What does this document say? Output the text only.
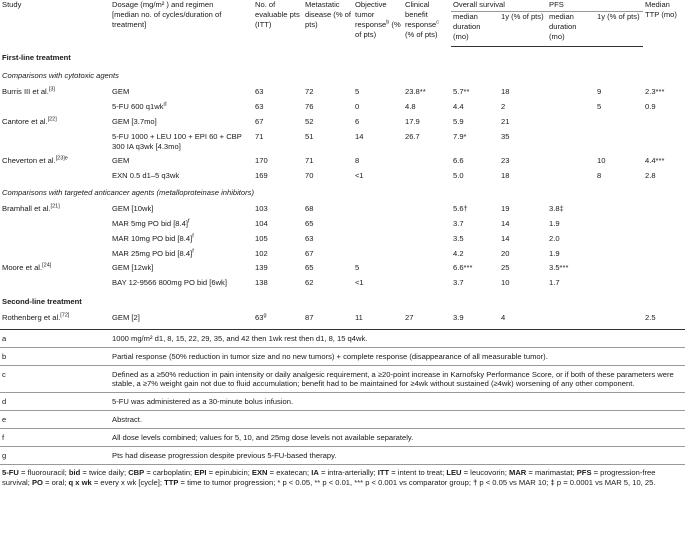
Study	Dosage (mg/m² ) and regimen
[median no. of cycles/duration of treatment]	No. of evaluable pts (ITT)	Metastatic disease (% of pts)	Objective tumor response$^b$ (% of pts)	Clinical benefit response$^c$ (% of pts)	Overall survival		PFS		Median TTP (mo)
						median duration (mo)	1y (% of pts)	median duration (mo)	1y (% of pts)	
First-line treatment										
Comparisons with cytotoxic agents										
Burris III et al.[3]	GEM	63	72	5	23.8**	5.7**	18		9	2.3***
	5-FU 600 $q1wk^d$	63	76	0	4.8	4.4	2		5	0.9
Cantore et al.[22]	GEM [3.7mo]	67	52	6	17.9	5.9	21			
	5-FU 1000 + LEU 100 + EPI 60 + CBP 300 IA q3wk [4.3mo]	71	51	14	26.7	7.9*	35			
Cheverton et al.$^{[23]e}$	GEM	170	71	8		6.6	23		10	4.4***
	EXN 0.5 d1–5 q3wk	169	70	<1		5.0	18		8	2.8
Comparisons with targeted anticancer agents (metalloproteinase inhibitors)										
Bramhall et al.[21]	GEM [10wk]	103	68			5.6†	19	3.8‡		
	MAR 5mg PO bid $[8.4]^f$	104	65			3.7	14	1.9		
	MAR 10mg PO bid $[8.4]^f$	105	63			3.5	14	2.0		
	MAR 25mg PO bid $[8.4]^f$	102	67			4.2	20	1.9		
Moore et al.[24]	GEM [12wk]	139	65	5		6.6***	25	3.5***		
	BAY 12-9566 800mg PO bid [6wk]	138	62	<1		3.7	10	1.7		
Second-line treatment										
Rothenberg et al.[72]	GEM [2]	63$^g$	87	11	27	3.9	4			2.5
a	1000 mg/m² d1, 8, 15, 22, 29, 35, and 42 then 1wk rest then d1, 8, 15 q4wk.									

b	Partial response (50% reduction in tumor size and no new tumors) + complete response (disappearance of all measurable tumor).									

c	Defined as a ≥50% reduction in pain intensity or daily analgesic requirement, a ≥20-point increase in Karnofsky Performance Score, or if both of these parameters were stable, a ≥7% weight gain not due to fluid accumulation; benefit had to be maintained for ≥4wk without sustained (≥4wk) worsening of any other component.									

d	5-FU was administered as a 30-minute bolus infusion.									

e	Abstract.									

f	All dose levels combined; values for 5, 10, and 25mg dose levels not available separately.									

g	Pts had disease progression despite previous 5-FU-based therapy.									

5-FU = fluorouracil; bid = twice daily; CBP = carboplatin; EPI = epirubicin; EXN = exatecan; IA = intra-arterially; ITT = intent to treat; LEU = leucovorin; MAR = marimastat; PFS = progression-free survival; PO = oral; q x wk = every x wk [cycle]; TTP = time to tumor progression; * p < 0.05, ** p < 0.01, *** p < 0.001 vs comparator group; † p < 0.05 vs MAR 10; ‡ p = 0.0001 vs MAR 5, 10, 25.										
